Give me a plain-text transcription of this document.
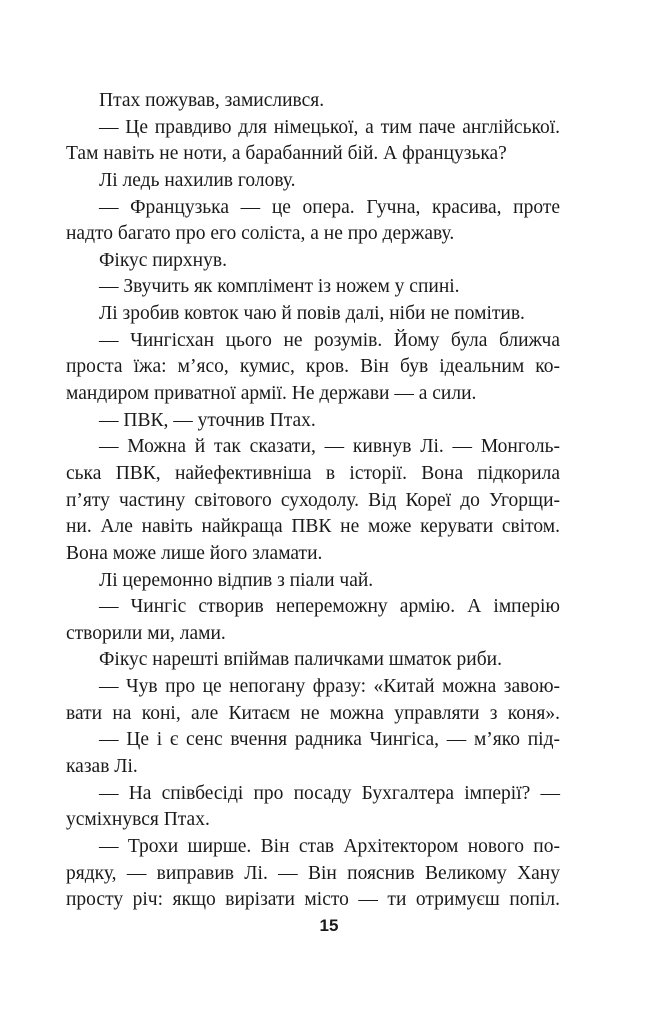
Птах пожував, замислився.
— Це правдиво для німецької, а тим паче англійської.
Там навіть не ноти, а барабанний бій. А французька?
Лі ледь нахилив голову.
— Французька — це опера. Гучна, красива, проте
надто багато про его соліста, а не про державу.
Фікус пирхнув.
— Звучить як комплімент із ножем у спині.
Лі зробив ковток чаю й повів далі, ніби не помітив.
— Чингісхан цього не розумів. Йому була ближча
проста їжа: м’ясо, кумис, кров. Він був ідеальним ко-
мандиром приватної армії. Не держави — а сили.
— ПВК, — уточнив Птах.
— Можна й так сказати, — кивнув Лі. — Монголь-
ська ПВК, найефективніша в історії. Вона підкорила
п’яту частину світового суходолу. Від Кореї до Угорщи-
ни. Але навіть найкраща ПВК не може керувати світом.
Вона може лише його зламати.
Лі церемонно відпив з піали чай.
— Чингіс створив непереможну армію. А імперію
створили ми, лами.
Фікус нарешті впіймав паличками шматок риби.
— Чув про це непогану фразу: «Китай можна завою-
вати на коні, але Китаєм не можна управляти з коня».
— Це і є сенс вчення радника Чингіса, — м’яко під-
казав Лі.
— На співбесіді про посаду Бухгалтера імперії? —
усміхнувся Птах.
— Трохи ширше. Він став Архітектором нового по-
рядку, — виправив Лі. — Він пояснив Великому Хану
просту річ: якщо вирізати місто — ти отримуєш попіл.
15
